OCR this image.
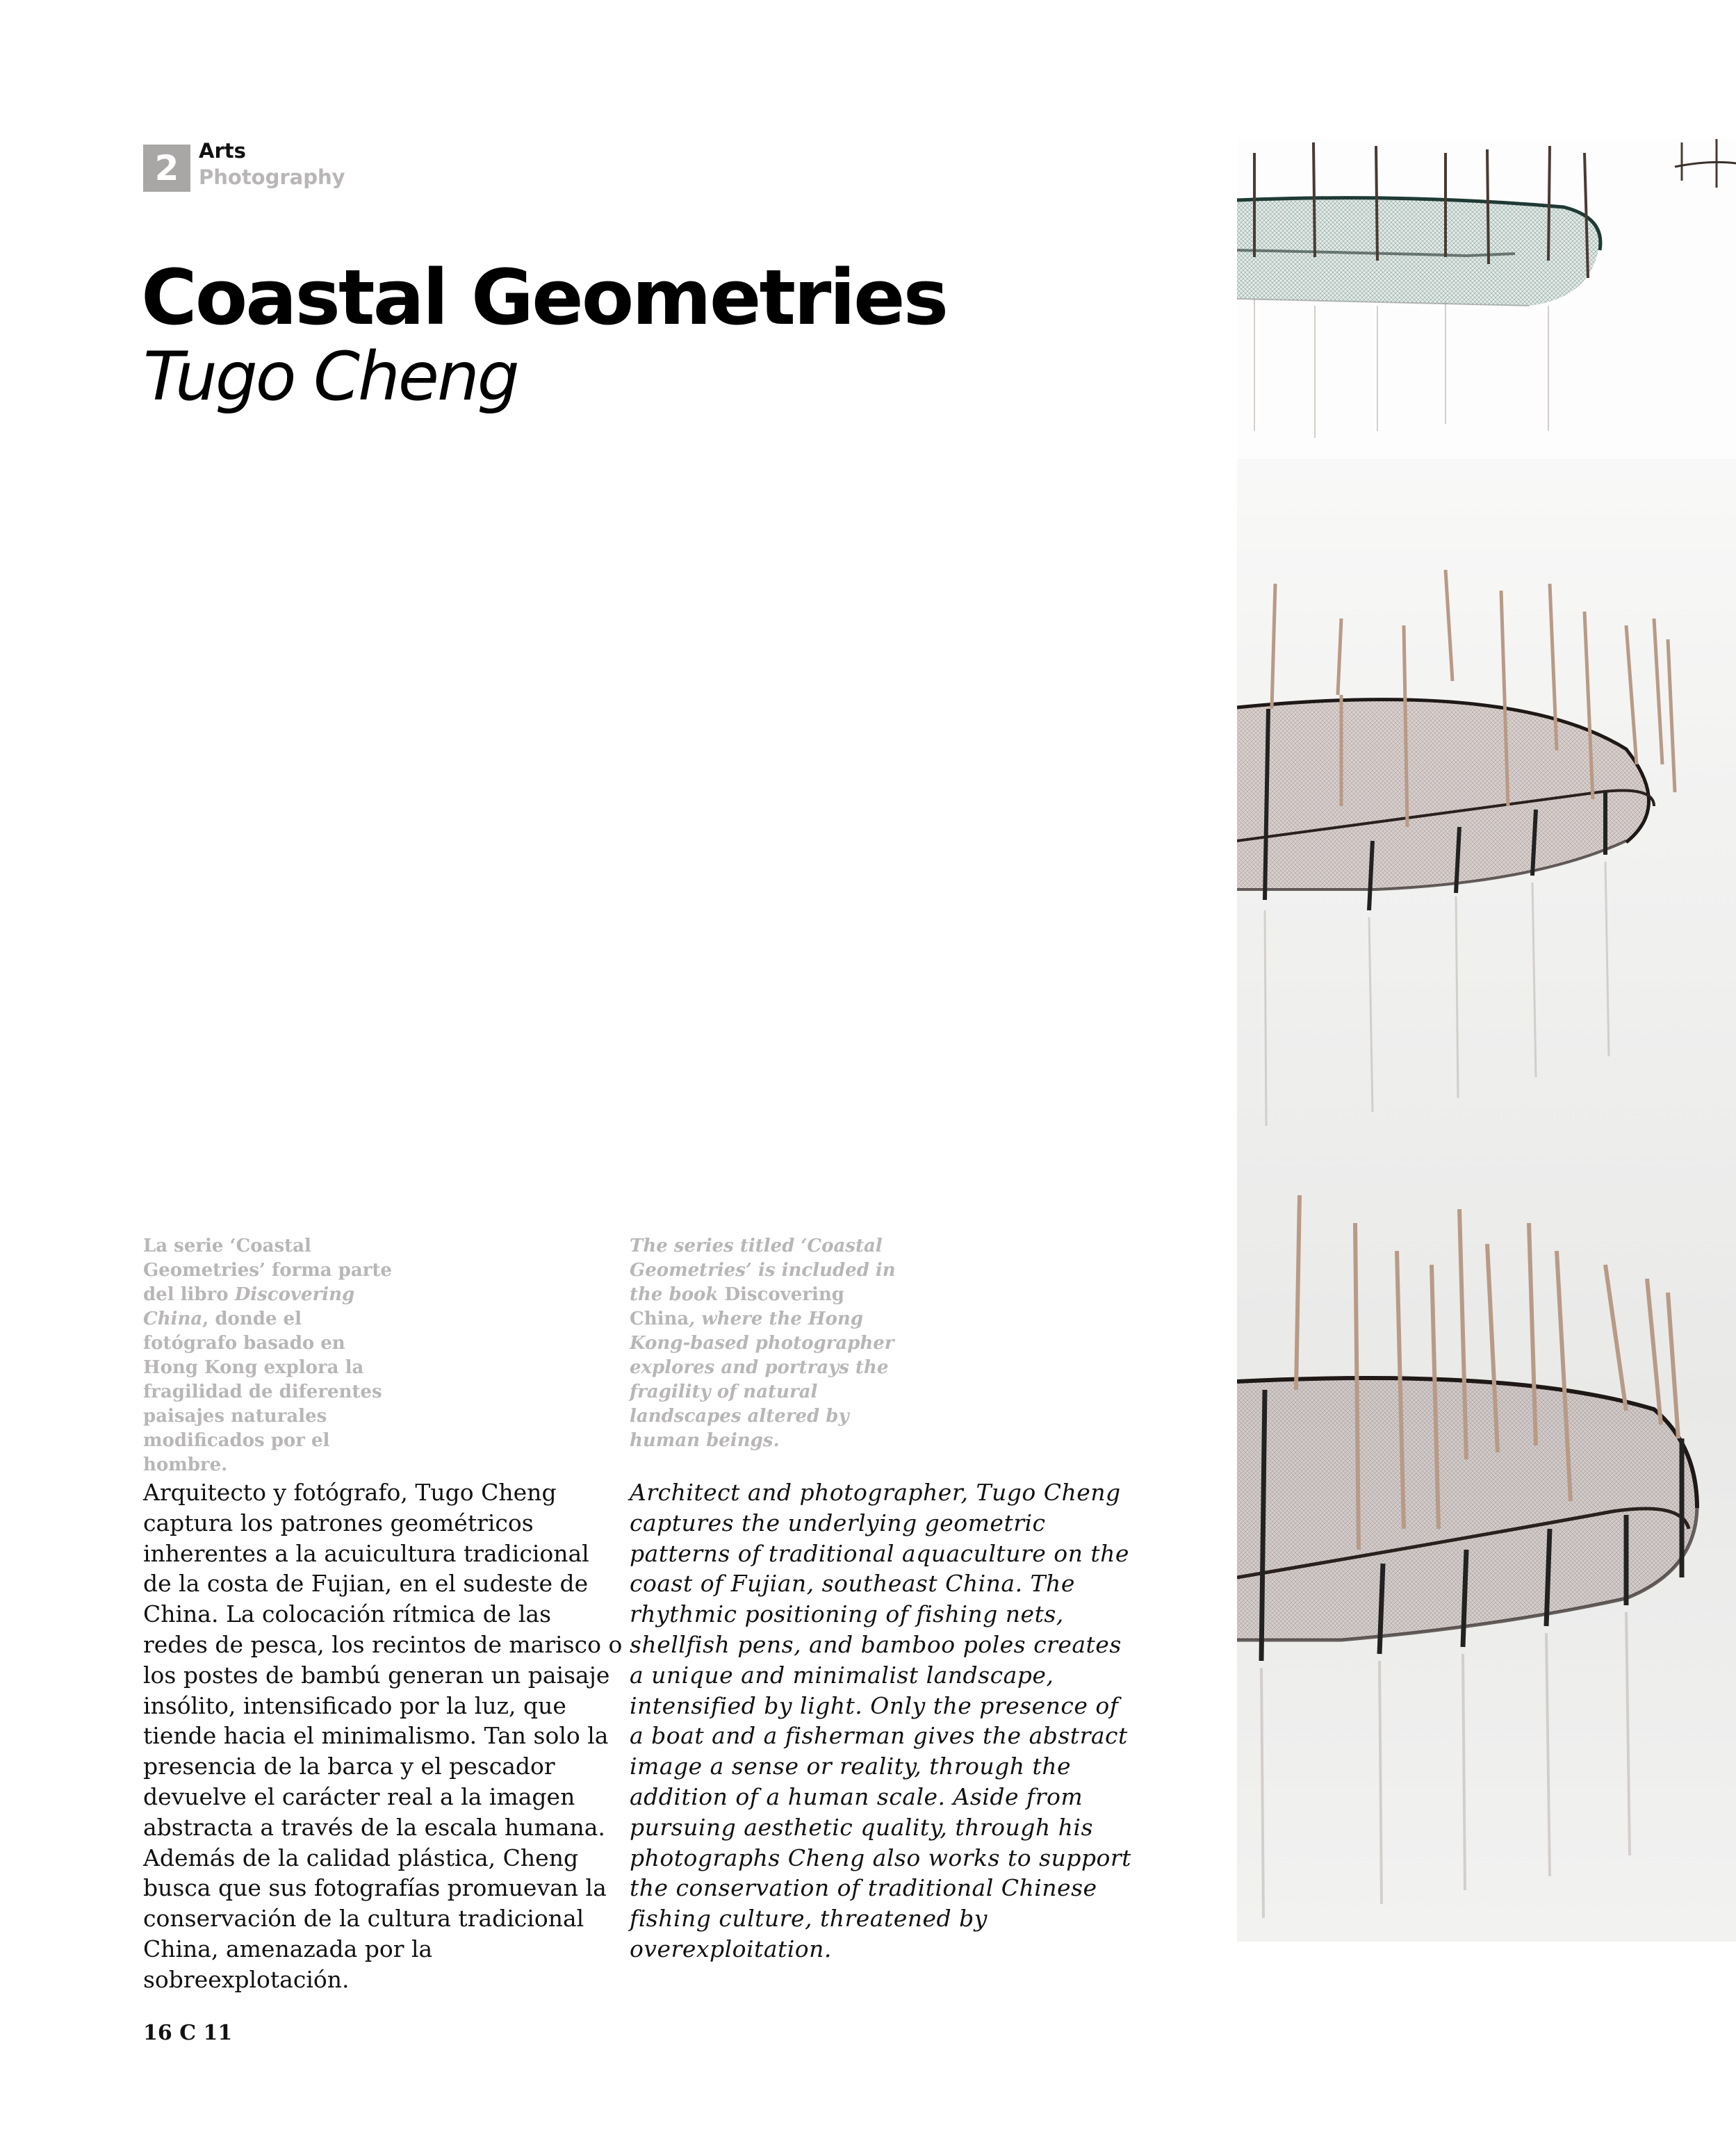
2 Arts
Photography
Coastal Geometries
Tugo Cheng
La serie ‘Coastal Geometries’ forma parte del libro Discovering China, donde el fotógrafo basado en Hong Kong explora la fragilidad de diferentes paisajes naturales modificados por el hombre.
The series titled ‘Coastal Geometries’ is included in the book Discovering China, where the Hong Kong-based photographer explores and portrays the fragility of natural landscapes altered by human beings.
Arquitecto y fotógrafo, Tugo Cheng captura los patrones geométricos inherentes a la acuicultura tradicional de la costa de Fujian, en el sudeste de China. La colocación rítmica de las redes de pesca, los recintos de marisco o los postes de bambú generan un paisaje insólito, intensificado por la luz, que tiende hacia el minimalismo. Tan solo la presencia de la barca y el pescador devuelve el carácter real a la imagen abstracta a través de la escala humana. Además de la calidad plástica, Cheng busca que sus fotografías promuevan la conservación de la cultura tradicional China, amenazada por la sobreexplotación.
Architect and photographer, Tugo Cheng captures the underlying geometric patterns of traditional aquaculture on the coast of Fujian, southeast China. The rhythmic positioning of fishing nets, shellfish pens, and bamboo poles creates a unique and minimalist landscape, intensified by light. Only the presence of a boat and a fisherman gives the abstract image a sense or reality, through the addition of a human scale. Aside from pursuing aesthetic quality, through his photographs Cheng also works to support the conservation of traditional Chinese fishing culture, threatened by overexploitation.
16 C 11
